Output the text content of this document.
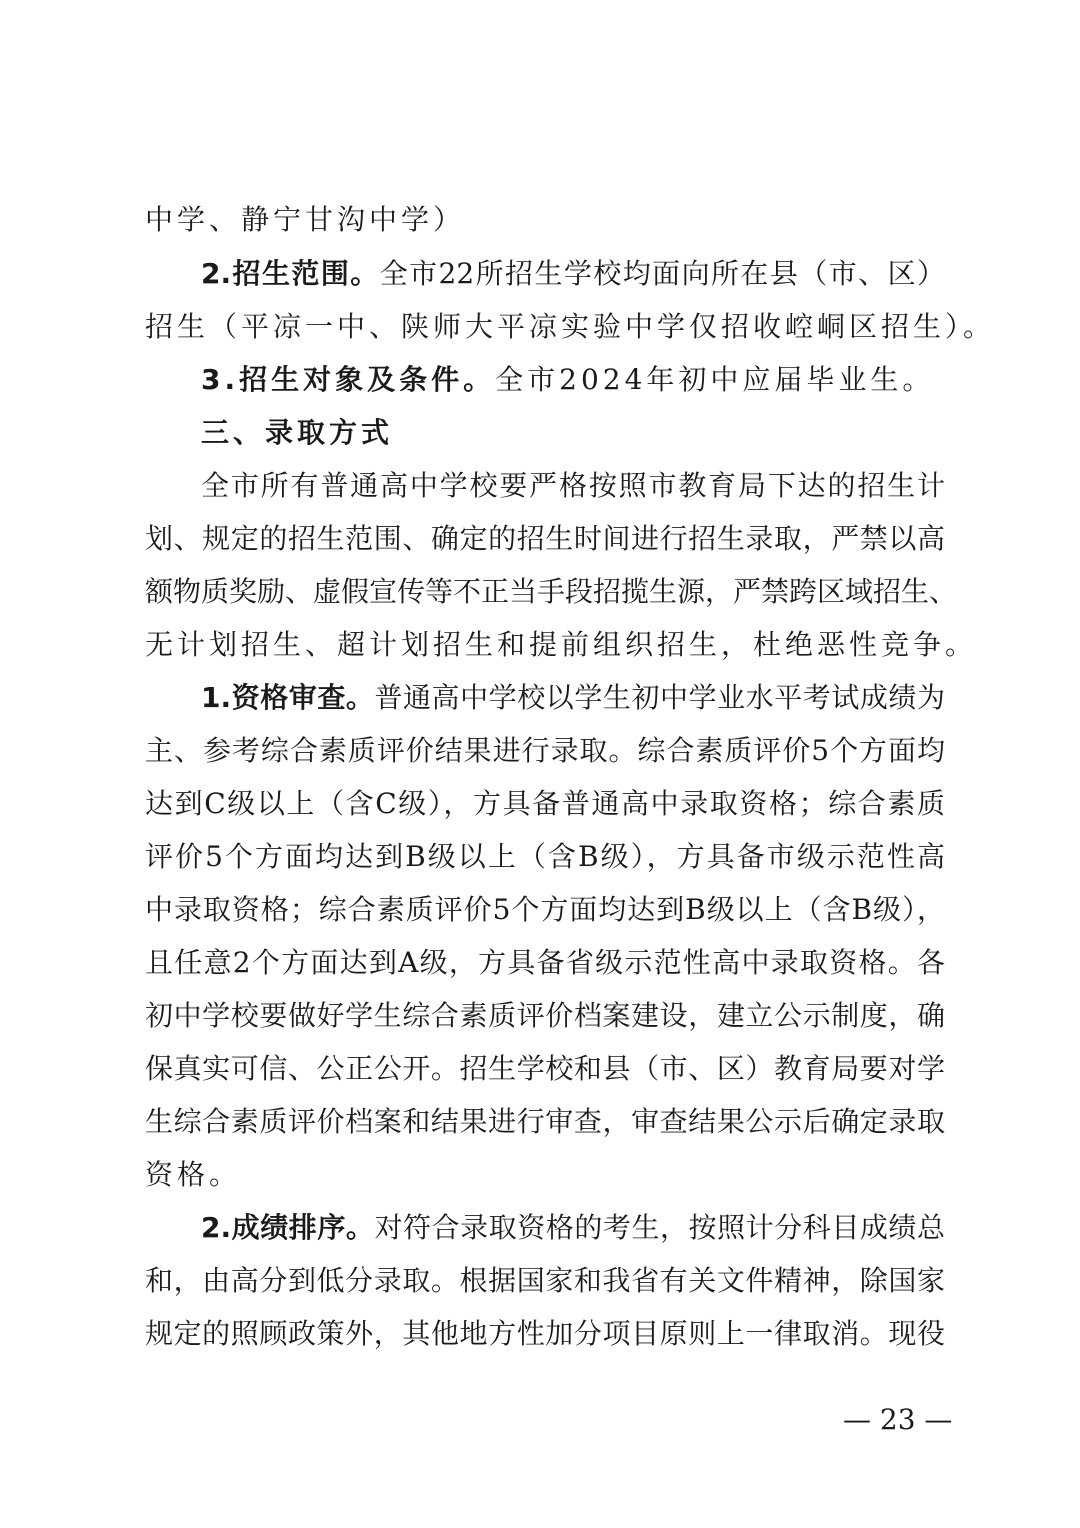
中学、静宁甘沟中学）
2.招生范围。全市22所招生学校均面向所在县（市、区）
招生（平凉一中、陕师大平凉实验中学仅招收崆峒区招生）。
3.招生对象及条件。全市2024年初中应届毕业生。
三、录取方式
全市所有普通高中学校要严格按照市教育局下达的招生计
划、规定的招生范围、确定的招生时间进行招生录取，严禁以高
额物质奖励、虚假宣传等不正当手段招揽生源，严禁跨区域招生、
无计划招生、超计划招生和提前组织招生，杜绝恶性竞争。
1.资格审查。普通高中学校以学生初中学业水平考试成绩为
主、参考综合素质评价结果进行录取。综合素质评价5个方面均
达到C级以上（含C级），方具备普通高中录取资格；综合素质
评价5个方面均达到B级以上（含B级），方具备市级示范性高
中录取资格；综合素质评价5个方面均达到B级以上（含B级），
且任意2个方面达到A级，方具备省级示范性高中录取资格。各
初中学校要做好学生综合素质评价档案建设，建立公示制度，确
保真实可信、公正公开。招生学校和县（市、区）教育局要对学
生综合素质评价档案和结果进行审查，审查结果公示后确定录取
资格。
2.成绩排序。对符合录取资格的考生，按照计分科目成绩总
和，由高分到低分录取。根据国家和我省有关文件精神，除国家
规定的照顾政策外，其他地方性加分项目原则上一律取消。现役
— 23 —
